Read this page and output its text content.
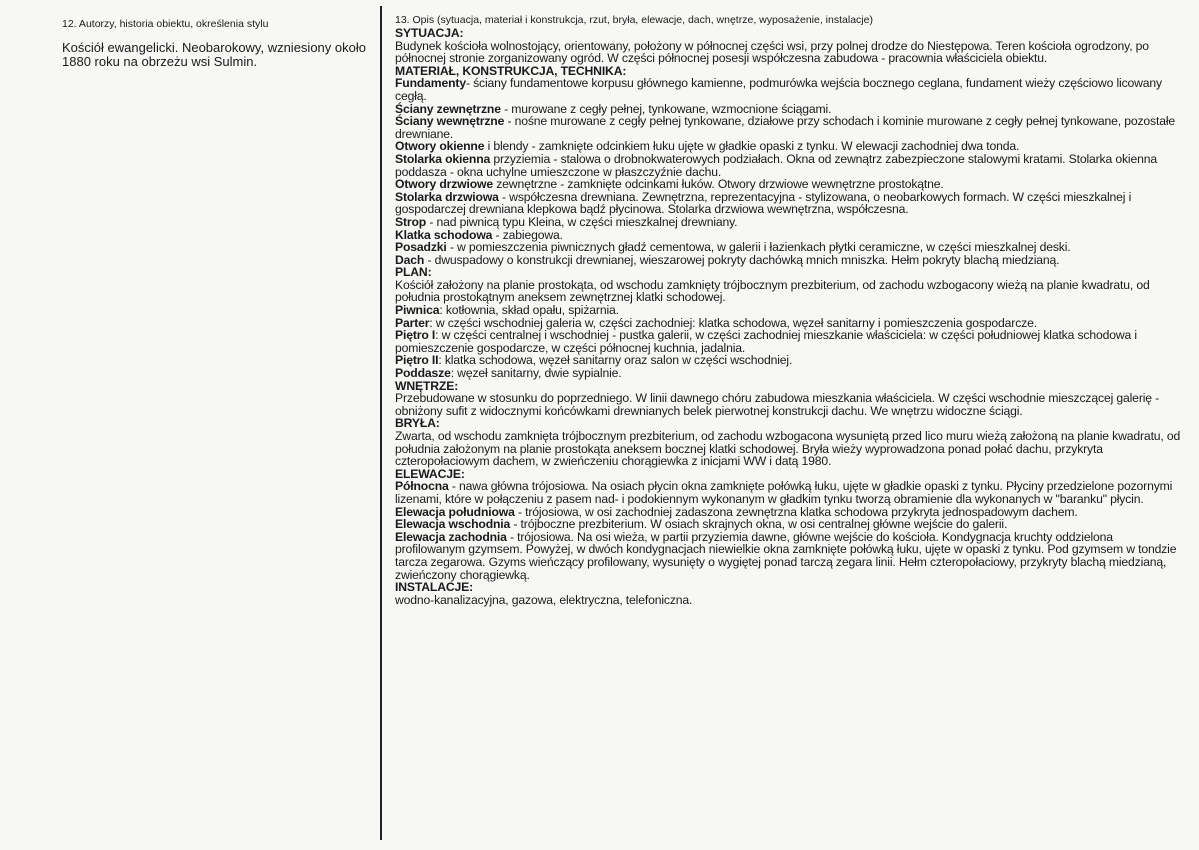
12. Autorzy, historia obiektu, określenia stylu

Kościół ewangelicki. Neobarokowy, wzniesiony około 1880 roku na obrzeżu wsi Sulmin.

13. Opis (sytuacja, materiał i konstrukcja, rzut, bryła, elewacje, dach, wnętrze, wyposażenie, instalacje)
SYTUACJA:

Budynek kościoła wolnostojący, orientowany, położony w północnej części wsi, przy polnej drodze do Niestępowa. Teren kościoła ogrodzony, po północnej stronie zorganizowany ogród. W części północnej posesji współczesna zabudowa - pracownia właściciela obiektu.

MATERIAŁ, KONSTRUKCJA, TECHNIKA:

Fundamenty- ściany fundamentowe korpusu głównego kamienne, podmurówka wejścia bocznego ceglana, fundament wieży częściowo licowany cegłą.

Ściany zewnętrzne - murowane z cegły pełnej, tynkowane, wzmocnione ściągami.

Ściany wewnętrzne - nośne murowane z cegły pełnej tynkowane, działowe przy schodach i kominie murowane z cegły pełnej tynkowane, pozostałe drewniane.

Otwory okienne i blendy - zamknięte odcinkiem łuku ujęte w gładkie opaski z tynku. W elewacji zachodniej dwa tonda.

Stolarka okienna przyziemia - stalowa o drobnokwaterowych podziałach. Okna od zewnątrz zabezpieczone stalowymi kratami. Stolarka okienna poddasza - okna uchylne umieszczone w płaszczyźnie dachu.

Otwory drzwiowe zewnętrzne - zamknięte odcinkami łuków. Otwory drzwiowe wewnętrzne prostokątne.

Stolarka drzwiowa - współczesna drewniana. Zewnętrzna, reprezentacyjna - stylizowana, o neobarkowych formach. W części mieszkalnej i gospodarczej drewniana klepkowa bądź płycinowa. Stolarka drzwiowa wewnętrzna, współczesna.

Strop - nad piwnicą typu Kleina, w części mieszkalnej drewniany.

Klatka schodowa - zabiegowa.

Posadzki - w pomieszczenia piwnicznych gładź cementowa, w galerii i łazienkach płytki ceramiczne, w części mieszkalnej deski.

Dach - dwuspadowy o konstrukcji drewnianej, wieszarowej pokryty dachówką mnich mniszka. Hełm pokryty blachą miedzianą.

PLAN:

Kościół założony na planie prostokąta, od wschodu zamknięty trójbocznym prezbiterium, od zachodu wzbogacony wieżą na planie kwadratu, od południa prostokątnym aneksem zewnętrznej klatki schodowej.

Piwnica: kotłownia, skład opału, spiżarnia.

Parter: w części wschodniej galeria w, części zachodniej: klatka schodowa, węzeł sanitarny i pomieszczenia gospodarcze.

Piętro I: w części centralnej i wschodniej - pustka galerii, w części zachodniej mieszkanie właściciela: w części południowej klatka schodowa i pomieszczenie gospodarcze, w części północnej kuchnia, jadalnia.

Piętro II: klatka schodowa, węzeł sanitarny oraz salon w części wschodniej.

Poddasze: węzeł sanitarny, dwie sypialnie.

WNĘTRZE:

Przebudowane w stosunku do poprzedniego. W linii dawnego chóru zabudowa mieszkania właściciela. W części wschodnie mieszczącej galerię - obniżony sufit z widocznymi końcówkami drewnianych belek pierwotnej konstrukcji dachu. We wnętrzu widoczne ściągi.

BRYŁA:

Zwarta, od wschodu zamknięta trójbocznym prezbiterium, od zachodu wzbogacona wysuniętą przed lico muru wieżą założoną na planie kwadratu, od południa założonym na planie prostokąta aneksem bocznej klatki schodowej. Bryła wieży wyprowadzona ponad połać dachu, przykryta czteropołaciowym dachem, w zwieńczeniu chorągiewka z inicjami WW i datą 1980.

ELEWACJE:

Północna - nawa główna trójosiowa. Na osiach płycin okna zamknięte połówką łuku, ujęte w gładkie opaski z tynku. Płyciny przedzielone pozornymi lizenami, które w połączeniu z pasem nad- i podokiennym wykonanym w gładkim tynku tworzą obramienie dla wykonanych w "baranku" płycin.

Elewacja południowa - trójosiowa, w osi zachodniej zadaszona zewnętrzna klatka schodowa przykryta jednospadowym dachem.

Elewacja wschodnia - trójboczne prezbiterium. W osiach skrajnych okna, w osi centralnej główne wejście do galerii.

Elewacja zachodnia - trójosiowa. Na osi wieża, w partii przyziemia dawne, główne wejście do kościoła. Kondygnacja kruchty oddzielona profilowanym gzymsem. Powyżej, w dwóch kondygnacjach niewielkie okna zamknięte połówką łuku, ujęte w opaski z tynku. Pod gzymsem w tondzie tarcza zegarowa. Gzyms wieńczący profilowany, wysunięty o wygiętej ponad tarczą zegara linii. Hełm czteropołaciowy, przykryty blachą miedzianą, zwieńczony chorągiewką.

INSTALACJE:

wodno-kanalizacyjna, gazowa, elektryczna, telefoniczna.
